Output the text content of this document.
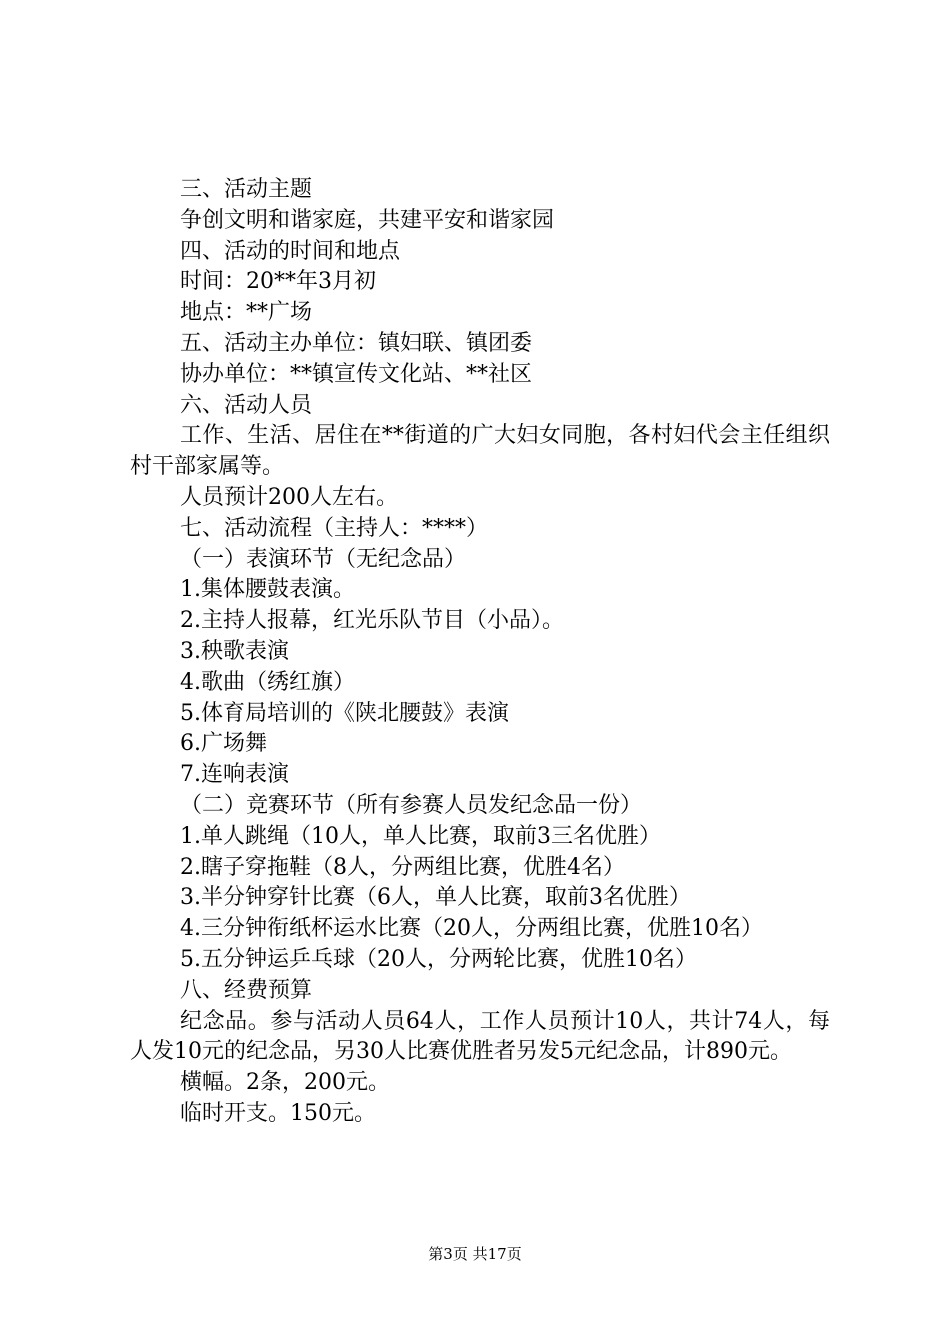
三、活动主题

争创文明和谐家庭，共建平安和谐家园

四、活动的时间和地点

时间：20**年3月初

地点：**广场

五、活动主办单位：镇妇联、镇团委

协办单位：**镇宣传文化站、**社区

六、活动人员

工作、生活、居住在**街道的广大妇女同胞，各村妇代会主任组织村干部家属等。

人员预计200人左右。

七、活动流程（主持人：****）

（一）表演环节（无纪念品）

1.集体腰鼓表演。

2.主持人报幕，红光乐队节目（小品）。

3.秧歌表演

4.歌曲（绣红旗）

5.体育局培训的《陕北腰鼓》表演

6.广场舞

7.连响表演

（二）竞赛环节（所有参赛人员发纪念品一份）

1.单人跳绳（10人，单人比赛，取前3三名优胜）

2.瞎子穿拖鞋（8人，分两组比赛，优胜4名）

3.半分钟穿针比赛（6人，单人比赛，取前3名优胜）

4.三分钟衔纸杯运水比赛（20人，分两组比赛，优胜10名）

5.五分钟运乒乓球（20人，分两轮比赛，优胜10名）

八、经费预算

纪念品。参与活动人员64人，工作人员预计10人，共计74人，每人发10元的纪念品，另30人比赛优胜者另发5元纪念品，计890元。

横幅。2条，200元。

临时开支。150元。

第3页 共17页
